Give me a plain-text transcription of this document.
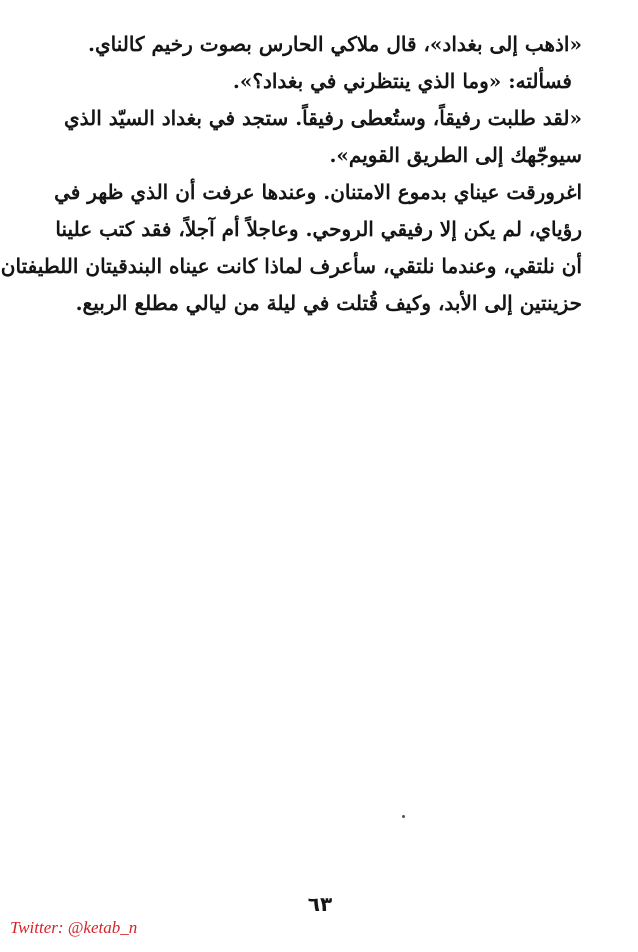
«اذهب إلى بغداد»، قال ملاكي الحارس بصوت رخيم كالناي.
فسألته: «وما الذي ينتظرني في بغداد؟».
«لقد طلبت رفيقاً، وستُعطى رفيقاً. ستجد في بغداد السيّد الذي
سيوجّهك إلى الطريق القويم».
اغرورقت عيناي بدموع الامتنان. وعندها عرفت أن الذي ظهر في
رؤياي، لم يكن إلا رفيقي الروحي. وعاجلاً أم آجلاً، فقد كتب علينا
أن نلتقي، وعندما نلتقي، سأعرف لماذا كانت عيناه البندقيتان اللطيفتان
حزينتين إلى الأبد، وكيف قُتلت في ليلة من ليالي مطلع الربيع.
٦٣
Twitter: @ketab_n
